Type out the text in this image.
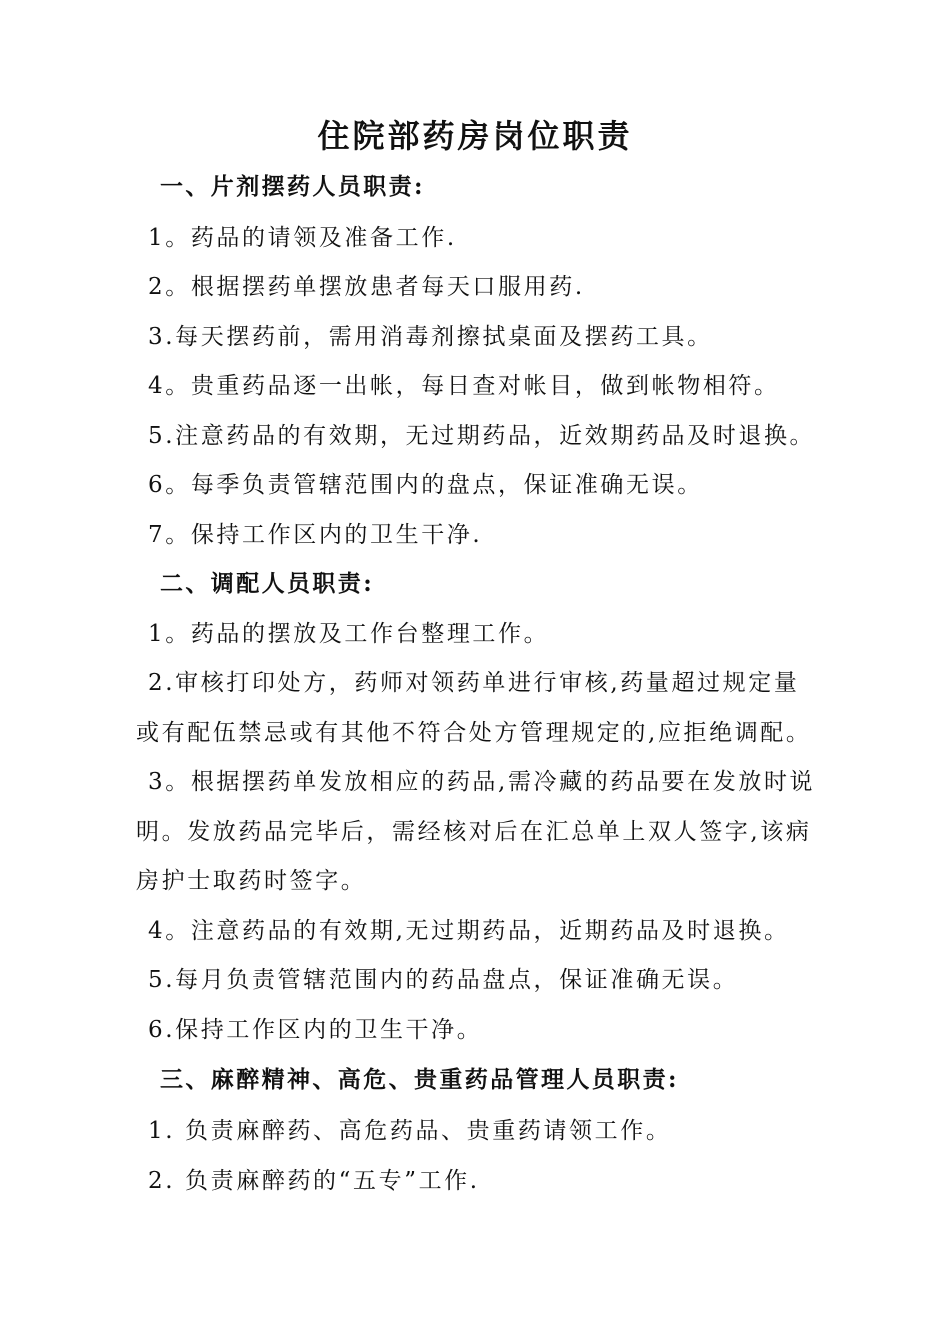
住院部药房岗位职责
一、片剂摆药人员职责:
1。药品的请领及准备工作.
2。根据摆药单摆放患者每天口服用药.
3.每天摆药前，需用消毒剂擦拭桌面及摆药工具。
4。贵重药品逐一出帐，每日查对帐目，做到帐物相符。
5.注意药品的有效期，无过期药品，近效期药品及时退换。
6。每季负责管辖范围内的盘点，保证准确无误。
7。保持工作区内的卫生干净.
二、调配人员职责:
1。药品的摆放及工作台整理工作。
2.审核打印处方，药师对领药单进行审核,药量超过规定量
或有配伍禁忌或有其他不符合处方管理规定的,应拒绝调配。
3。根据摆药单发放相应的药品,需冷藏的药品要在发放时说
明。发放药品完毕后，需经核对后在汇总单上双人签字,该病
房护士取药时签字。
4。注意药品的有效期,无过期药品，近期药品及时退换。
5.每月负责管辖范围内的药品盘点，保证准确无误。
6.保持工作区内的卫生干净。
三、麻醉精神、高危、贵重药品管理人员职责:
1. 负责麻醉药、高危药品、贵重药请领工作。
2. 负责麻醉药的“五专”工作.
